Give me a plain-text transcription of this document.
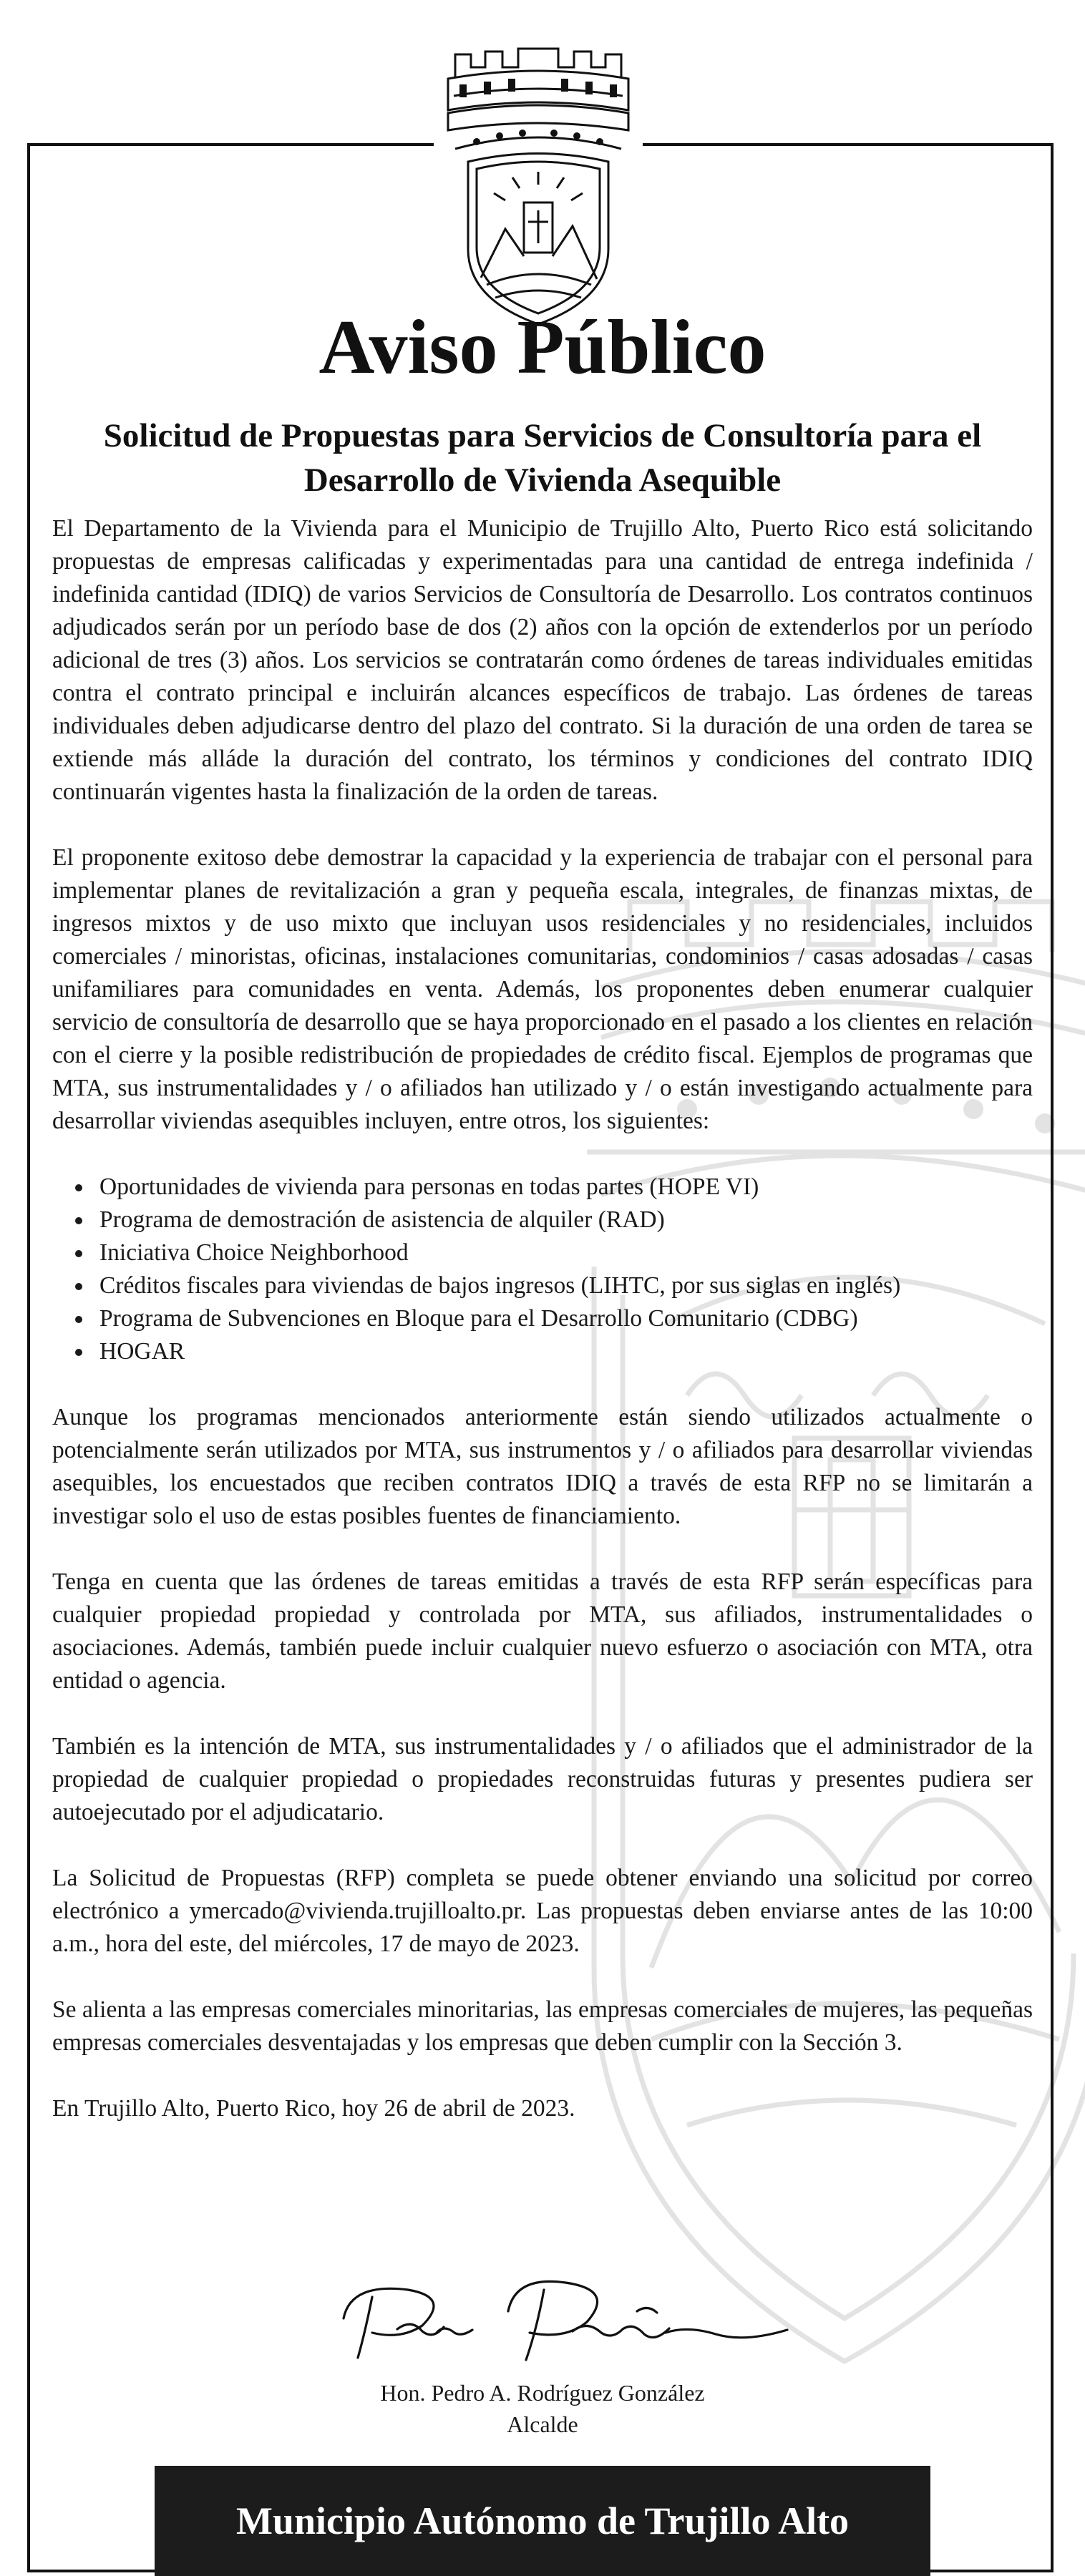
Aviso Público
Solicitud de Propuestas para Servicios de Consultoría para el
Desarrollo de Vivienda Asequible

El Departamento de la Vivienda para el Municipio de Trujillo Alto, Puerto Rico está solicitando propuestas de empresas calificadas y experimentadas para una cantidad de entrega indefinida / indefinida cantidad (IDIQ) de varios Servicios de Consultoría de Desarrollo. Los contratos continuos adjudicados serán por un período base de dos (2) años con la opción de extenderlos por un período adicional de tres (3) años. Los servicios se contratarán como órdenes de tareas individuales emitidas contra el contrato principal e incluirán alcances específicos de trabajo. Las órdenes de tareas individuales deben adjudicarse dentro del plazo del contrato. Si la duración de una orden de tarea se extiende más alláde la duración del contrato, los términos y condiciones del contrato IDIQ continuarán vigentes hasta la finalización de la orden de tareas.

El proponente exitoso debe demostrar la capacidad y la experiencia de trabajar con el personal para implementar planes de revitalización a gran y pequeña escala, integrales, de finanzas mixtas, de ingresos mixtos y de uso mixto que incluyan usos residenciales y no residenciales, incluidos comerciales / minoristas, oficinas, instalaciones comunitarias, condominios / casas adosadas / casas unifamiliares para comunidades en venta. Además, los proponentes deben enumerar cualquier servicio de consultoría de desarrollo que se haya proporcionado en el pasado a los clientes en relación con el cierre y la posible redistribución de propiedades de crédito fiscal. Ejemplos de programas que MTA, sus instrumentalidades y / o afiliados han utilizado y / o están investigando actualmente para desarrollar viviendas asequibles incluyen, entre otros, los siguientes:

• Oportunidades de vivienda para personas en todas partes (HOPE VI)
• Programa de demostración de asistencia de alquiler (RAD)
• Iniciativa Choice Neighborhood
• Créditos fiscales para viviendas de bajos ingresos (LIHTC, por sus siglas en inglés)
• Programa de Subvenciones en Bloque para el Desarrollo Comunitario (CDBG)
• HOGAR

Aunque los programas mencionados anteriormente están siendo utilizados actualmente o potencialmente serán utilizados por MTA, sus instrumentos y / o afiliados para desarrollar viviendas asequibles, los encuestados que reciben contratos IDIQ a través de esta RFP no se limitarán a investigar solo el uso de estas posibles fuentes de financiamiento.

Tenga en cuenta que las órdenes de tareas emitidas a través de esta RFP serán específicas para cualquier propiedad propiedad y controlada por MTA, sus afiliados, instrumentalidades o asociaciones. Además, también puede incluir cualquier nuevo esfuerzo o asociación con MTA, otra entidad o agencia.

También es la intención de MTA, sus instrumentalidades y / o afiliados que el administrador de la propiedad de cualquier propiedad o propiedades reconstruidas futuras y presentes pudiera ser autoejecutado por el adjudicatario.

La Solicitud de Propuestas (RFP) completa se puede obtener enviando una solicitud por correo electrónico a ymercado@vivienda.trujilloalto.pr. Las propuestas deben enviarse antes de las 10:00 a.m., hora del este, del miércoles, 17 de mayo de 2023.

Se alienta a las empresas comerciales minoritarias, las empresas comerciales de mujeres, las pequeñas empresas comerciales desventajadas y los empresas que deben cumplir con la Sección 3.

En Trujillo Alto, Puerto Rico, hoy 26 de abril de 2023.

Hon. Pedro A. Rodríguez González
Alcalde
Municipio Autónomo de Trujillo Alto
